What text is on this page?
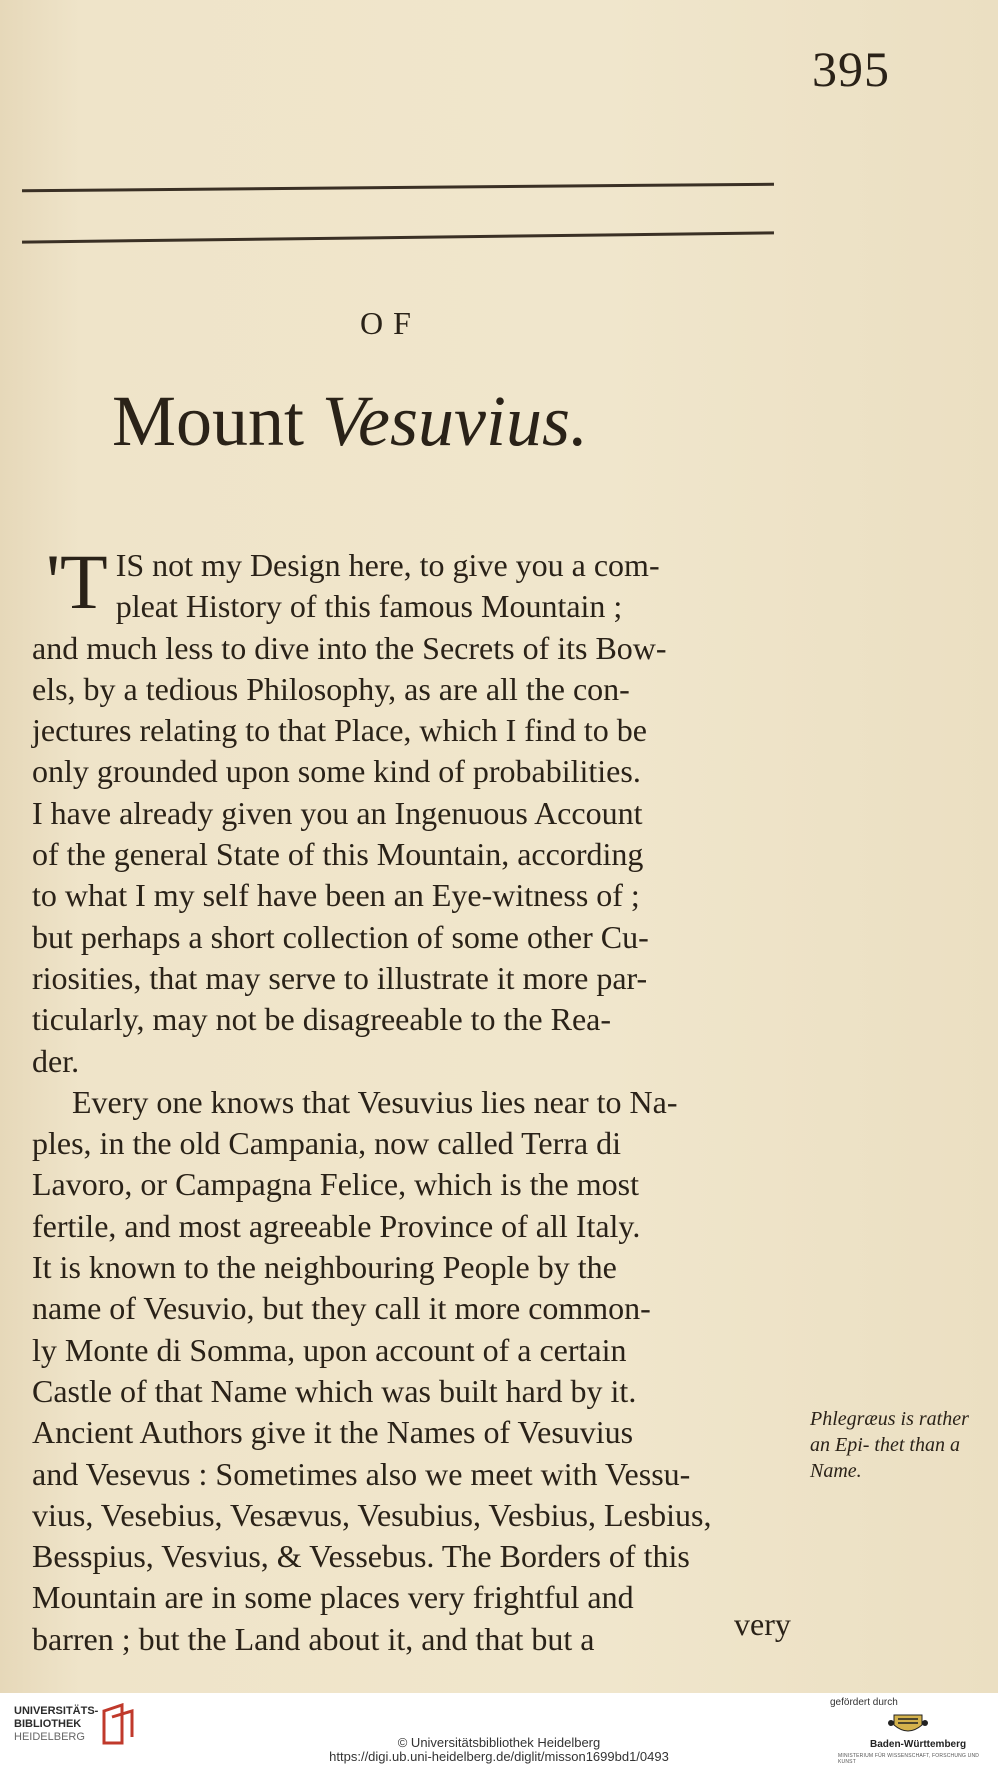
395
OF
Mount Vesuvius.

'T IS not my Design here, to give you a com-
pleat History of this famous Mountain ;
and much less to dive into the Secrets of its Bow-
els, by a tedious Philosophy, as are all the con-
jectures relating to that Place, which I find to be
only grounded upon some kind of probabilities.
I have already given you an Ingenuous Account
of the general State of this Mountain, according
to what I my self have been an Eye-witness of ;
but perhaps a short collection of some other Cu-
riosities, that may serve to illustrate it more par-
ticularly, may not be disagreeable to the Rea-
der.

Every one knows that Vesuvius lies near to Na-

ples, in the old Campania, now called Terra di
Lavoro, or Campagna Felice, which is the most
fertile, and most agreeable Province of all Italy.
It is known to the neighbouring People by the
name of Vesuvio, but they call it more common-
ly Monte di Somma, upon account of a certain
Castle of that Name which was built hard by it.
Ancient Authors give it the Names of Vesuvius
and Vesevus : Sometimes also we meet with Vessu-
vius, Vesebius, Vesævus, Vesubius, Vesbius, Lesbius,
Besspius, Vesvius, & Vessebus. The Borders of this
Mountain are in some places very frightful and
barren ; but the Land about it, and that but a

Phlegræus is rather an Epi- thet than a Name.
very
UNIVERSITÄTS-
BIBLIOTHEK
HEIDELBERG	© Universitätsbibliothek Heidelberg
https://digi.ub.uni-heidelberg.de/diglit/misson1699bd1/0493
gefördert durch
Baden-Württemberg
MINISTERIUM FÜR WISSENSCHAFT, FORSCHUNG UND KUNST
